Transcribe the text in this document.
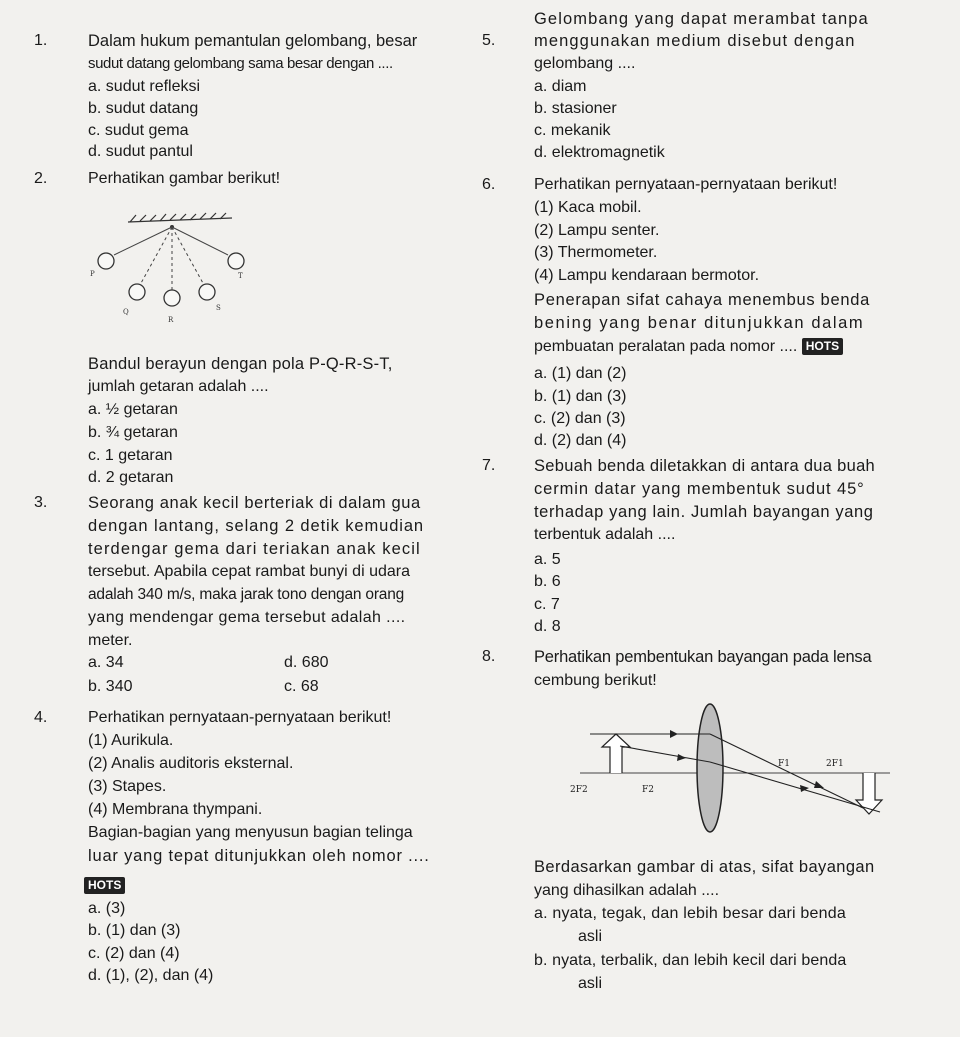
1. Dalam hukum pemantulan gelombang, besar
sudut datang gelombang sama besar dengan ....
a. sudut refleksi
b. sudut datang
c. sudut gema
d. sudut pantul
2.	Perhatikan gambar berikut!
P
Q
R
S
T
Bandul berayun dengan pola P-Q-R-S-T,
jumlah getaran adalah ....
a. ½ getaran
b. ¾ getaran
c. 1 getaran
d. 2 getaran
3. Seorang anak kecil berteriak di dalam gua
dengan lantang, selang 2 detik kemudian
terdengar gema dari teriakan anak kecil
tersebut. Apabila cepat rambat bunyi di udara
adalah 340 m/s, maka jarak tono dengan orang
yang mendengar gema tersebut adalah ....
meter.
a. 34	d. 680
b. 340	c. 68
4.	Perhatikan pernyataan-pernyataan berikut!
(1) Aurikula.
(2) Analis auditoris eksternal.
(3) Stapes.
(4) Membrana thympani.
Bagian-bagian yang menyusun bagian telinga
luar yang tepat ditunjukkan oleh nomor ....
HOTS
a. (3)
b. (1) dan (3)
c. (2) dan (4)
d. (1), (2), dan (4)
5.
Gelombang yang dapat merambat tanpa
menggunakan medium disebut dengan
gelombang ....
a. diam
b. stasioner
c. mekanik
d. elektromagnetik
6. Perhatikan pernyataan-pernyataan berikut!
(1) Kaca mobil.
(2) Lampu senter.
(3) Thermometer.
(4) Lampu kendaraan bermotor.
Penerapan sifat cahaya menembus benda
bening yang benar ditunjukkan dalam
pembuatan peralatan pada nomor .... HOTS
a. (1) dan (2)
b. (1) dan (3)
c. (2) dan (3)
d. (2) dan (4)
7. Sebuah benda diletakkan di antara dua buah
cermin datar yang membentuk sudut 45°
terhadap yang lain. Jumlah bayangan yang
terbentuk adalah ....
a. 5
b. 6
c. 7
d. 8
8. Perhatikan pembentukan bayangan pada lensa
cembung berikut!
F1	2F1
2F2	F2
Berdasarkan gambar di atas, sifat bayangan
yang dihasilkan adalah ....
a. nyata, tegak, dan lebih besar dari benda
asli
b. nyata, terbalik, dan lebih kecil dari benda
asli
